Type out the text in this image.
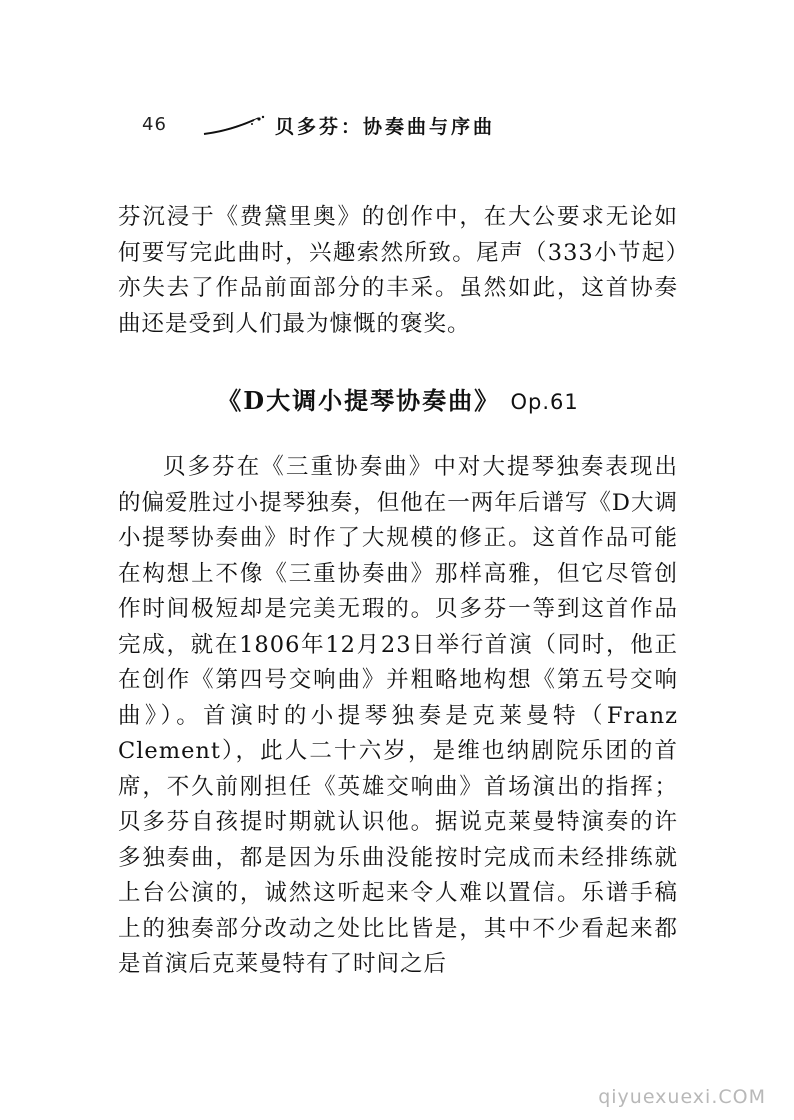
46	贝多芬：协奏曲与序曲

芬沉浸于《费黛里奥》的创作中，在大公要求无论如何要写完此曲时，兴趣索然所致。尾声（333小节起）亦失去了作品前面部分的丰采。虽然如此，这首协奏曲还是受到人们最为慷慨的褒奖。

《D大调小提琴协奏曲》 Op.61

贝多芬在《三重协奏曲》中对大提琴独奏表现出的偏爱胜过小提琴独奏，但他在一两年后谱写《D大调小提琴协奏曲》时作了大规模的修正。这首作品可能在构想上不像《三重协奏曲》那样高雅，但它尽管创作时间极短却是完美无瑕的。贝多芬一等到这首作品完成，就在1806年12月23日举行首演（同时，他正在创作《第四号交响曲》并粗略地构想《第五号交响曲》）。首演时的小提琴独奏是克莱曼特（Franz Clement），此人二十六岁，是维也纳剧院乐团的首席，不久前刚担任《英雄交响曲》首场演出的指挥；贝多芬自孩提时期就认识他。据说克莱曼特演奏的许多独奏曲，都是因为乐曲没能按时完成而未经排练就上台公演的，诚然这听起来令人难以置信。乐谱手稿上的独奏部分改动之处比比皆是，其中不少看起来都是首演后克莱曼特有了时间之后

qiyuexuexi.COM
